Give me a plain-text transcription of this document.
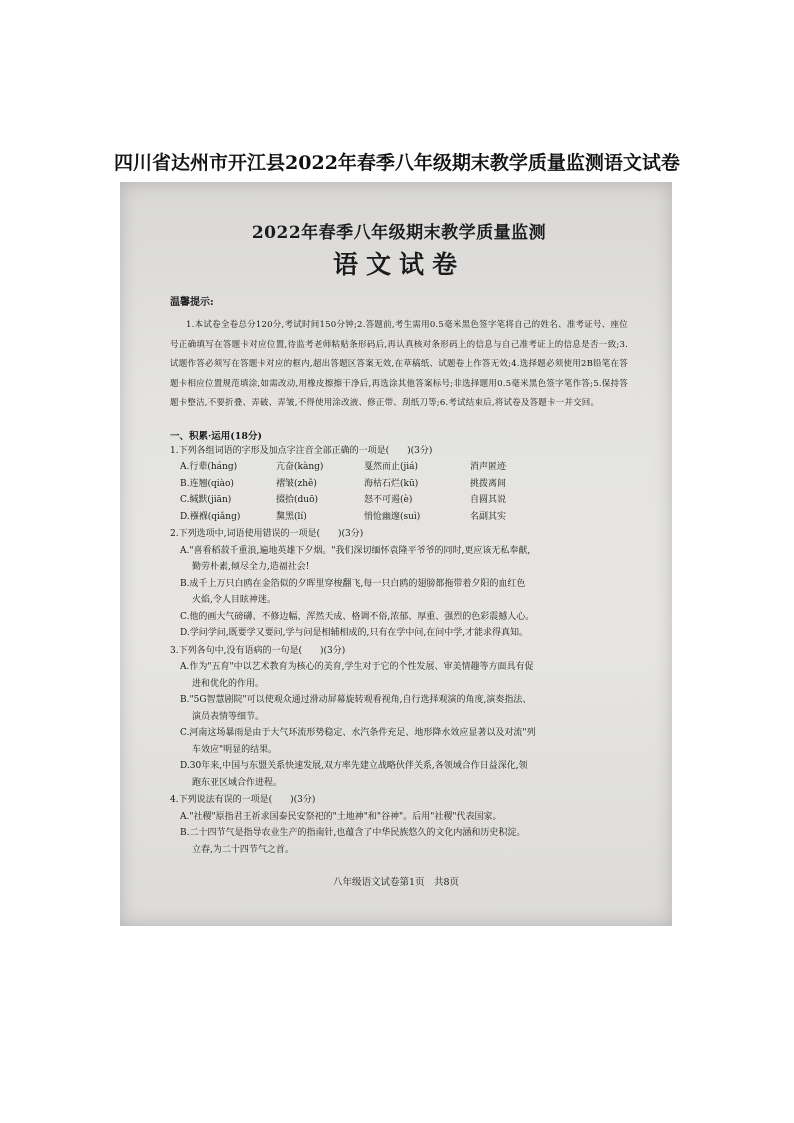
四川省达州市开江县2022年春季八年级期末教学质量监测语文试卷
2022年春季八年级期末教学质量监测
语文试卷
温馨提示:
1.本试卷全卷总分120分,考试时间150分钟;2.答题前,考生需用0.5毫米黑色签字笔将自己的姓名、准考证号、座位号正确填写在答题卡对应位置,待监考老师粘贴条形码后,再认真核对条形码上的信息与自己准考证上的信息是否一致;3.试题作答必须写在答题卡对应的框内,超出答题区答案无效,在草稿纸、试题卷上作答无效;4.选择题必须使用2B铅笔在答题卡相应位置规范填涂,如需改动,用橡皮擦擦干净后,再选涂其他答案标号;非选择题用0.5毫米黑色签字笔作答;5.保持答题卡整洁,不要折叠、弄破、弄皱,不得使用涂改液、修正带、刮纸刀等;6.考试结束后,将试卷及答题卡一并交回。
一、积累·运用(18分)
1.下列各组词语的字形及加点字注音全部正确的一项是(　　)(3分)
A.行辈(háng)	亢奋(kàng)	戛然而止(jiá)	消声匿迹
B.连翘(qiào)	褶皱(zhě)	海枯石烂(kū)	挑拨离间
C.缄默(jiān)	掇拾(duō)	怒不可遏(è)	自圆其说
D.襁褓(qiǎng)	黧黑(lí)	悄怆幽邃(suì)	名副其实
2.下列选项中,词语使用错误的一项是(　　)(3分)
A."喜看稻菽千重浪,遍地英雄下夕烟。"我们深切缅怀袁隆平爷爷的同时,更应该无私奉献,
勤劳朴素,倾尽全力,造福社会!
B.成千上万只白鸥在金箔似的夕晖里穿梭翻飞,每一只白鸥的翅膀都拖带着夕阳的血红色
火焰,令人目眩神迷。
C.他的画大气磅礴、不修边幅、浑然天成、格调不俗,浓郁、厚重、强烈的色彩震撼人心。
D.学问学问,既要学又要问,学与问是相辅相成的,只有在学中问,在问中学,才能求得真知。
3.下列各句中,没有语病的一句是(　　)(3分)
A.作为"五育"中以艺术教育为核心的美育,学生对于它的个性发展、审美情趣等方面具有促
进和优化的作用。
B."5G智慧剧院"可以使观众通过滑动屏幕旋转观看视角,自行选择观演的角度,演奏指法、
演员表情等细节。
C.河南这场暴雨是由于大气环流形势稳定、水汽条件充足、地形降水效应显著以及对流"列
车效应"明显的结果。
D.30年来,中国与东盟关系快速发展,双方率先建立战略伙伴关系,各领域合作日益深化,领
跑东亚区域合作进程。
4.下列说法有误的一项是(　　)(3分)
A."社稷"原指君王祈求国泰民安祭祀的"土地神"和"谷神"。后用"社稷"代表国家。
B.二十四节气是指导农业生产的指南针,也蕴含了中华民族悠久的文化内涵和历史积淀。
立春,为二十四节气之首。
八年级语文试卷第1页　共8页
